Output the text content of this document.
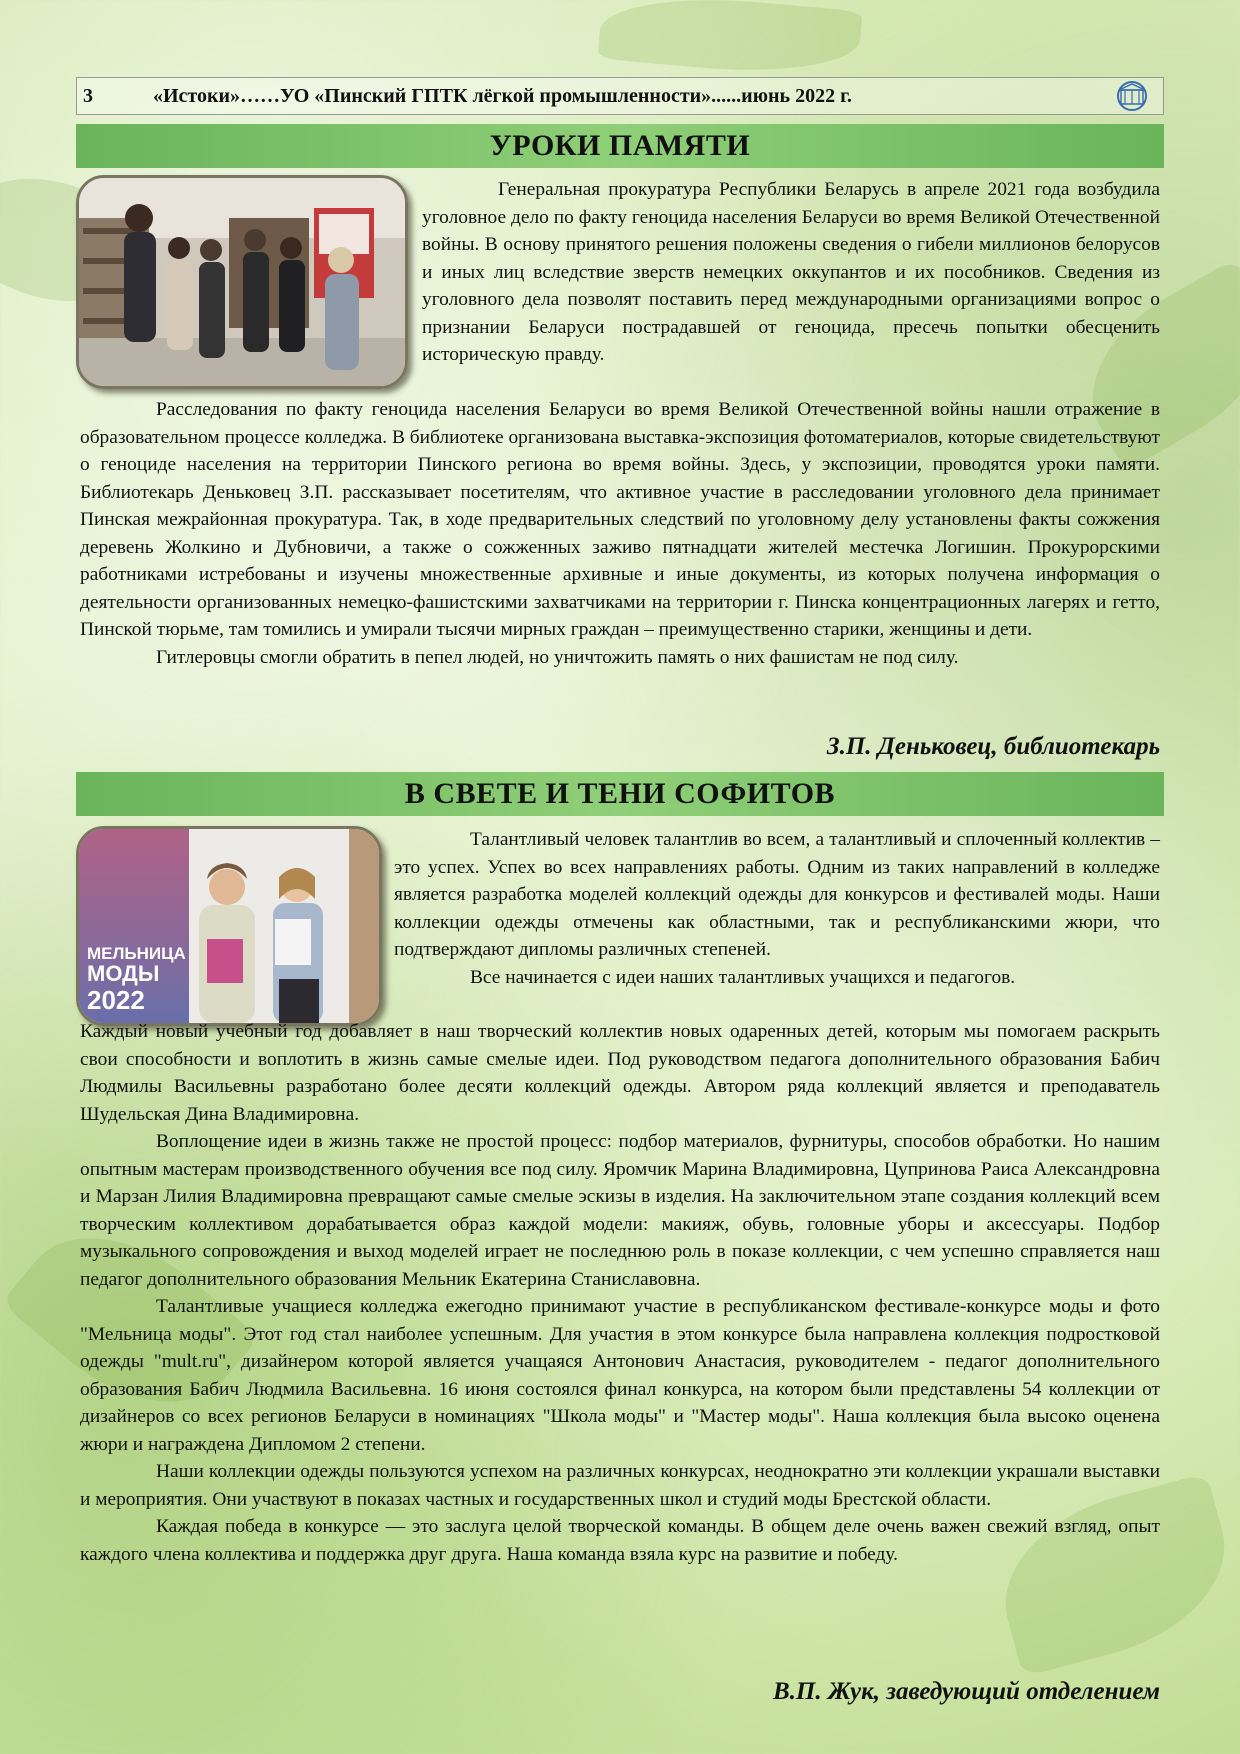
3	«Истоки»……УО «Пинский ГПТК лёгкой промышленности»......июнь 2022 г.
УРОКИ ПАМЯТИ

Генеральная прокуратура Республики Беларусь в апреле 2021 года возбудила уголовное дело по факту геноцида населения Беларуси во время Великой Отечественной войны. В основу принятого решения положены сведения о гибели миллионов белорусов и иных лиц вследствие зверств немецких оккупантов и их пособников. Сведения из уголовного дела позволят поставить перед международными организациями вопрос о признании Беларуси пострадавшей от геноцида, пресечь попытки обесценить историческую правду.

Расследования по факту геноцида населения Беларуси во время Великой Отечественной войны нашли отражение в образовательном процессе колледжа. В библиотеке организована выставка-экспозиция фотоматериалов, которые свидетельствуют о геноциде населения на территории Пинского региона во время войны. Здесь, у экспозиции, проводятся уроки памяти. Библиотекарь Деньковец З.П. рассказывает посетителям, что активное участие в расследовании уголовного дела принимает Пинская межрайонная прокуратура. Так, в ходе предварительных следствий по уголовному делу установлены факты сожжения деревень Жолкино и Дубновичи, а также о сожженных заживо пятнадцати жителей местечка Логишин. Прокурорскими работниками истребованы и изучены множественные архивные и иные документы, из которых получена информация о деятельности организованных немецко-фашистскими захватчиками на территории г. Пинска концентрационных лагерях и гетто, Пинской тюрьме, там томились и умирали тысячи мирных граждан – преимущественно старики, женщины и дети.

Гитлеровцы смогли обратить в пепел людей, но уничтожить память о них фашистам не под силу.

З.П. Деньковец, библиотекарь
В СВЕТЕ И ТЕНИ СОФИТОВ
МЕЛЬНИЦА
МОДЫ
2022

Талантливый человек талантлив во всем, а талантливый и сплоченный коллектив – это успех. Успех во всех направлениях работы. Одним из таких направлений в колледже является разработка моделей коллекций одежды для конкурсов и фестивалей моды. Наши коллекции одежды отмечены как областными, так и республиканскими жюри, что подтверждают дипломы различных степеней.

Все начинается с идеи наших талантливых учащихся и педагогов.

Каждый новый учебный год добавляет в наш творческий коллектив новых одаренных детей, которым мы помогаем раскрыть свои способности и воплотить в жизнь самые смелые идеи. Под руководством педагога дополнительного образования Бабич Людмилы Васильевны разработано более десяти коллекций одежды. Автором ряда коллекций является и преподаватель Шудельская Дина Владимировна.

Воплощение идеи в жизнь также не простой процесс: подбор материалов, фурнитуры, способов обработки. Но нашим опытным мастерам производственного обучения все под силу. Яромчик Марина Владимировна, Цупринова Раиса Александровна и Марзан Лилия Владимировна превращают самые смелые эскизы в изделия. На заключительном этапе создания коллекций всем творческим коллективом дорабатывается образ каждой модели: макияж, обувь, головные уборы и аксессуары. Подбор музыкального сопровождения и выход моделей играет не последнюю роль в показе коллекции, с чем успешно справляется наш педагог дополнительного образования Мельник Екатерина Станиславовна.

Талантливые учащиеся колледжа ежегодно принимают участие в республиканском фестивале-конкурсе моды и фото "Мельница моды". Этот год стал наиболее успешным. Для участия в этом конкурсе была направлена коллекция подростковой одежды "mult.ru", дизайнером которой является учащаяся Антонович Анастасия, руководителем - педагог дополнительного образования Бабич Людмила Васильевна. 16 июня состоялся финал конкурса, на котором были представлены 54 коллекции от дизайнеров со всех регионов Беларуси в номинациях "Школа моды" и "Мастер моды". Наша коллекция была высоко оценена жюри и награждена Дипломом 2 степени.

Наши коллекции одежды пользуются успехом на различных конкурсах, неоднократно эти коллекции украшали выставки и мероприятия. Они участвуют в показах частных и государственных школ и студий моды Брестской области.

Каждая победа в конкурсе — это заслуга целой творческой команды. В общем деле очень важен свежий взгляд, опыт каждого члена коллектива и поддержка друг друга. Наша команда взяла курс на развитие и победу.

В.П. Жук, заведующий отделением
